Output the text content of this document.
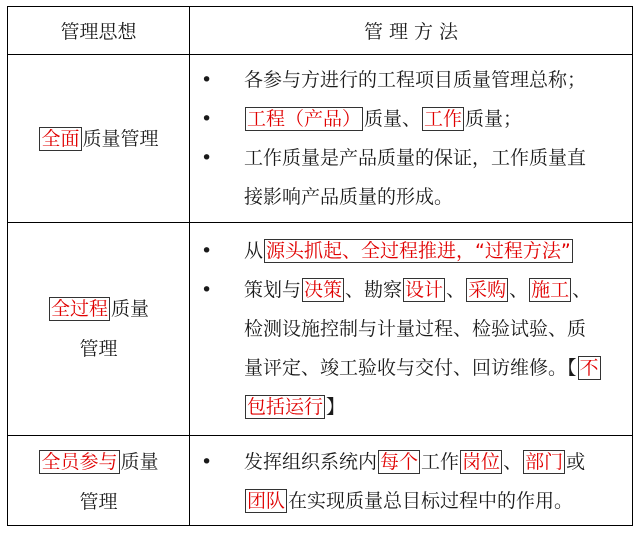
管理思想	管 理 方 法
全面 质量管理
• 各参与方进行的工程项目质量管理总称；
• 工程（产品） 质量、 工作 质量；
• 工作质量是产品质量的保证，工作质量直
接影响产品质量的形成。
全过程 质量
管理
• 从 源头抓起、全过程推进，“过程方法”
• 策划与 决策 、勘察 设计 、 采购 、 施工 、
检测设施控制与计量过程、检验试验、质
量评定、竣工验收与交付、回访维修。【 不
包括运行 】
全员参与 质量
管理
• 发挥组织系统内 每个 工作 岗位 、 部门 或
团队 在实现质量总目标过程中的作用。
